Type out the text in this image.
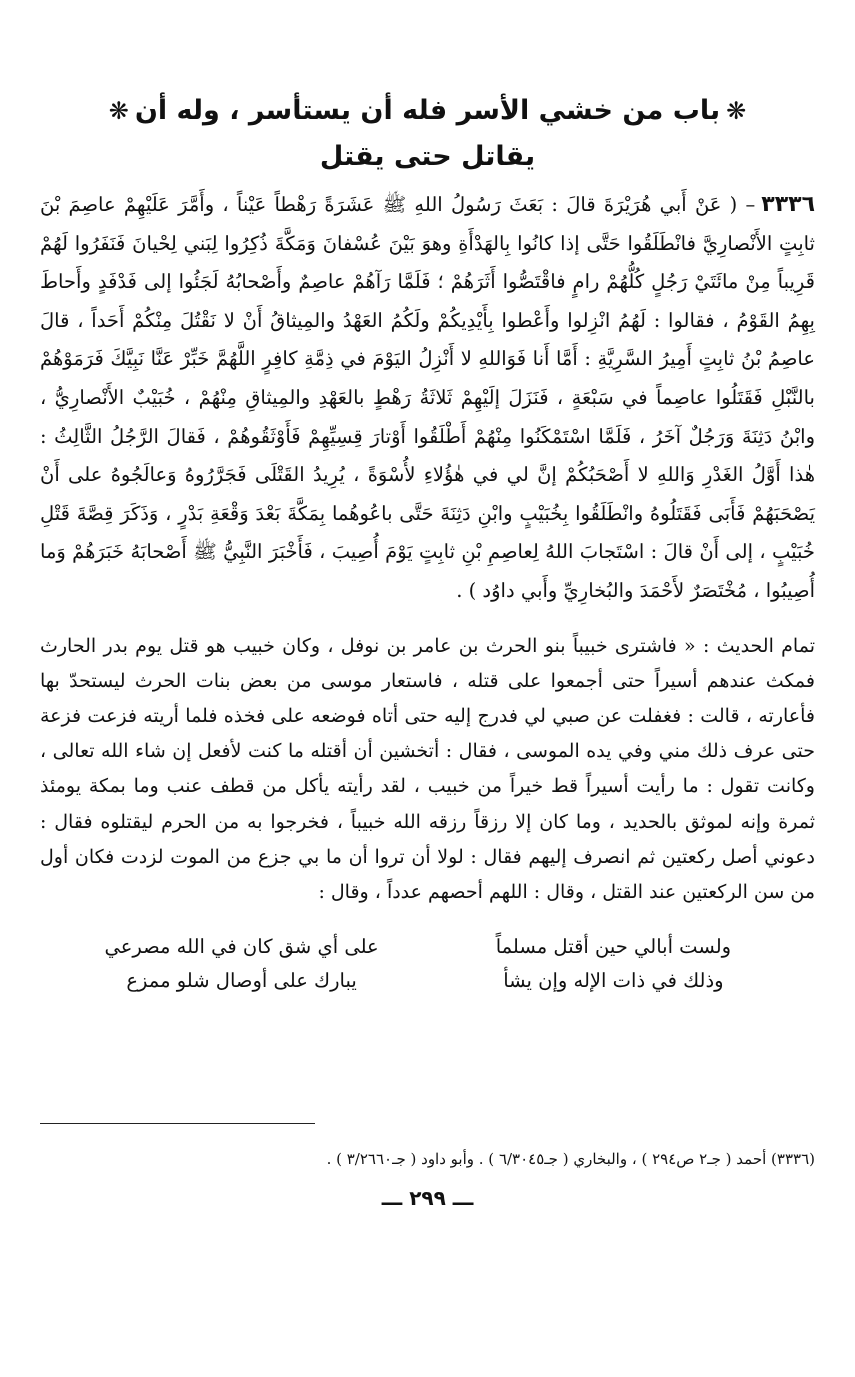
❋باب من خشي الأسر فله أن يستأسر ، وله أن❋
يقاتل حتى يقتل

٣٣٣٦– ( عَنْ أَبي هُرَيْرَةَ قالَ : بَعَثَ رَسُولُ اللهِ ﷺ عَشَرَةً رَهْطاً عَيْناً ، وأَمَّرَ عَلَيْهِمْ عاصِمَ بْنَ ثابِتٍ الأَنْصارِيَّ فانْطَلَقُوا حَتَّى إذا كانُوا بِالهَدْأَةِ وهوَ بَيْنَ عُسْفانَ وَمَكَّةَ ذُكِرُوا لِبَني لِحْيانَ فَنَفَرُوا لَهُمْ قَرِيباً مِنْ مائَتَيْ رَجُلٍ كُلُّهُمْ رامٍ فاقْتَصُّوا أَثَرَهُمْ ؛ فَلَمَّا رَآهُمْ عاصِمٌ وأَصْحابُهُ لَجَئُوا إلى فَدْفَدٍ وأَحاطَ بِهِمُ القَوْمُ ، فقالوا : لَهُمُ انْزِلوا وأَعْطوا بِأَيْدِيكُمْ ولَكُمُ العَهْدُ والمِيثاقُ أَنْ لا نَقْتُلَ مِنْكُمْ أَحَداً ، قالَ عاصِمُ بْنُ ثابِتٍ أَمِيرُ السَّرِيَّةِ : أَمَّا أَنا فَوَاللهِ لا أَنْزِلُ اليَوْمَ في ذِمَّةِ كافِرٍ اللَّهُمَّ خَبِّرْ عَنَّا نَبِيَّكَ فَرَمَوْهُمْ بالنَّبْلِ فَقَتَلُوا عاصِماً في سَبْعَةٍ ، فَنَزَلَ إلَيْهِمْ ثَلاثَةُ رَهْطٍ بالعَهْدِ والمِيثاقِ مِنْهُمْ ، خُبَيْبٌ الأَنْصارِيُّ ، وابْنُ دَثِنَةَ وَرَجُلٌ آخَرُ ، فَلَمَّا اسْتَمْكَنُوا مِنْهُمْ أَطْلَقُوا أَوْتارَ قِسِيِّهِمْ فَأَوْثَقُوهُمْ ، فَقالَ الرَّجُلُ الثَّالِثُ : هٰذا أَوَّلُ الغَدْرِ وَاللهِ لا أَصْحَبُكُمْ إنَّ لي في هٰؤُلاءِ لأُسْوَةً ، يُرِيدُ القَتْلَى فَجَرَّرُوهُ وَعالَجُوهُ على أَنْ يَصْحَبَهُمْ فَأَبَى فَقَتَلُوهُ وانْطَلَقُوا بِخُبَيْبٍ وابْنِ دَثِنَةَ حَتَّى باعُوهُما بِمَكَّةَ بَعْدَ وَقْعَةِ بَدْرٍ ، وَذَكَرَ قِصَّةَ قَتْلِ خُبَيْبٍ ، إلى أَنْ قالَ : اسْتَجابَ اللهُ لِعاصِمِ بْنِ ثابِتٍ يَوْمَ أُصِيبَ ، فَأَخْبَرَ النَّبِيُّ ﷺ أَصْحابَهُ خَبَرَهُمْ وَما أُصِيبُوا ، مُخْتَصَرٌ لأَحْمَدَ والبُخارِيِّ وأَبي داوُد ) .

تمام الحديث : « فاشترى خبيباً بنو الحرث بن عامر بن نوفل ، وكان خبيب هو قتل يوم بدر الحارث فمكث عندهم أسيراً حتى أجمعوا على قتله ، فاستعار موسى من بعض بنات الحرث ليستحدّ بها فأعارته ، قالت : فغفلت عن صبي لي فدرج إليه حتى أتاه فوضعه على فخذه فلما أريته فزعت فزعة حتى عرف ذلك مني وفي يده الموسى ، فقال : أتخشين أن أقتله ما كنت لأفعل إن شاء الله تعالى ، وكانت تقول : ما رأيت أسيراً قط خيراً من خبيب ، لقد رأيته يأكل من قطف عنب وما بمكة يومئذ ثمرة وإنه لموثق بالحديد ، وما كان إلا رزقاً رزقه الله خبيباً ، فخرجوا به من الحرم ليقتلوه فقال : دعوني أصل ركعتين ثم انصرف إليهم فقال : لولا أن تروا أن ما بي جزع من الموت لزدت فكان أول من سن الركعتين عند القتل ، وقال : اللهم أحصهم عدداً ، وقال :

ولست أبالي حين أقتل مسلماً
على أي شق كان في الله مصرعي
وذلك في ذات الإله وإن يشأ
يبارك على أوصال شلو ممزع
(٣٣٣٦) أحمد ( جـ٢ ص٢٩٤ ) ، والبخاري ( جـ٦/٣٠٤٥ ) . وأبو داود ( جـ٣/٢٦٦٠ ) .
ـــ ٢٩٩ ـــ
